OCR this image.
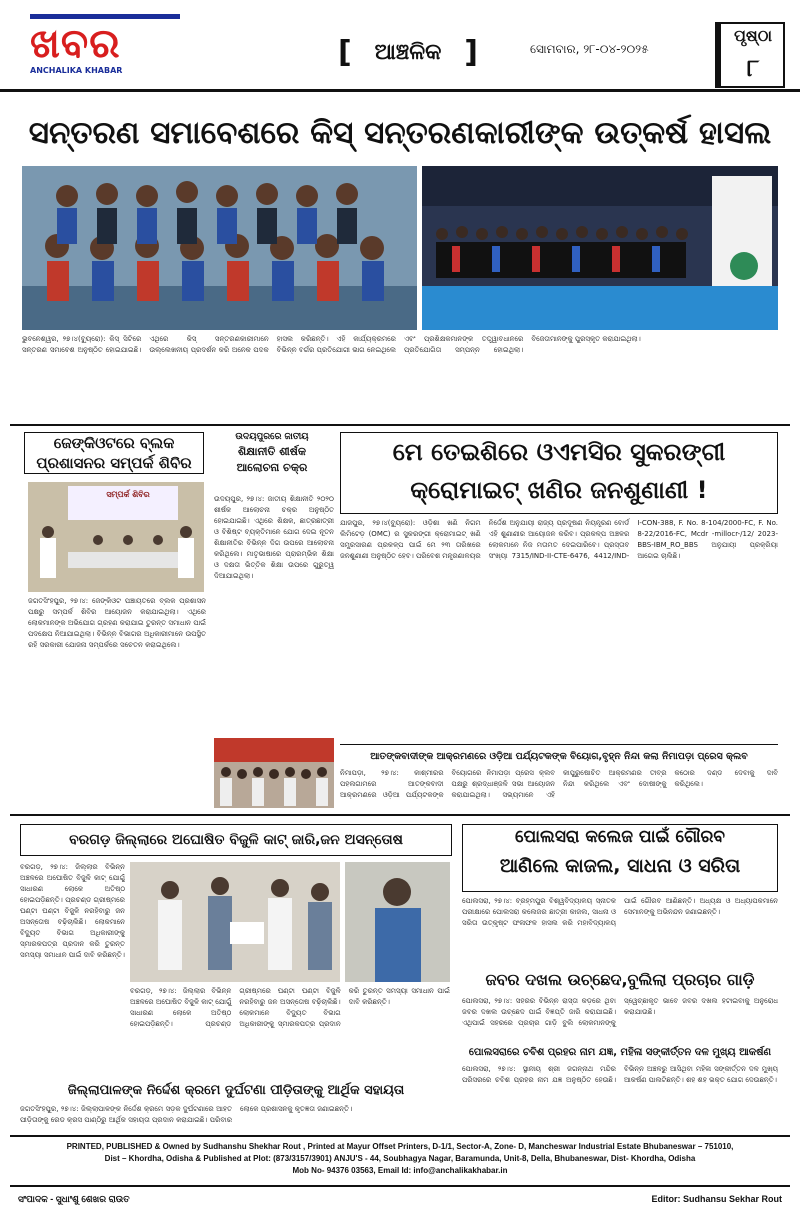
ଖବର
ANCHALIKA KHABAR
[ ଆଞ୍ଚଳିକ ]	ସୋମବାର, ୨୮-୦୪-୨୦୨୫
ପୃଷ୍ଠା
୮
ସନ୍ତରଣ ସମାବେଶରେ କିସ୍ ସନ୍ତରଣକାରୀଙ୍କ ଉତ୍କର୍ଷ ହାସଲ
ଭୁବନେଶ୍ୱର, ୨୭।୪(ବ୍ୟୁରୋ): କିସ୍ ସିଟିରେ ସନ୍ତରଣ ସମାବେଶ ଅନୁଷ୍ଠିତ ହୋଇଯାଇଛି। ଏଥିରେ କିସ୍ ସନ୍ତରଣକାରୀମାନେ ଉଲ୍ଲେଖନୀୟ ପ୍ରଦର୍ଶନ କରି ଅନେକ ପଦକ ହାସଲ କରିଛନ୍ତି। ଏହି କାର୍ଯ୍ୟକ୍ରମରେ ବିଭିନ୍ନ ବର୍ଗର ପ୍ରତିଯୋଗୀ ଭାଗ ନେଇଥିଲେ ଏବଂ ପ୍ରଶିକ୍ଷକମାନଙ୍କ ତତ୍ତ୍ୱାବଧାନରେ ପ୍ରତିଯୋଗିତା ସମ୍ପନ୍ନ ହୋଇଥିଲା। ବିଜେତାମାନଙ୍କୁ ପୁରସ୍କୃତ କରାଯାଇଥିଲା।
ଜେଙ୍କିଓଟରେ ବ୍ଲକ
ପ୍ରଶାସନର ସମ୍ପର୍କ ଶିବିର
ସମ୍ପର୍କ ଶିବିର
ଜଗତସିଂହପୁର, ୨୭।୪: ଜେଙ୍କିଓଟ ପଞ୍ଚାୟତରେ ବ୍ଲକ ପ୍ରଶାସନ ପକ୍ଷରୁ ସମ୍ପର୍କ ଶିବିର ଆୟୋଜନ କରାଯାଇଥିଲା। ଏଥିରେ ଲୋକମାନଙ୍କ ଅଭିଯୋଗ ଗ୍ରହଣ କରାଯାଇ ତୁରନ୍ତ ସମାଧାନ ପାଇଁ ପଦକ୍ଷେପ ନିଆଯାଇଥିଲା। ବିଭିନ୍ନ ବିଭାଗର ଅଧିକାରୀମାନେ ଉପସ୍ଥିତ ରହି ସରକାରୀ ଯୋଜନା ସମ୍ପର୍କରେ ସଚେତନ କରାଇଥିଲେ।
ଉଦୟପୁରରେ ଜାତୀୟ
ଶିକ୍ଷାନୀତି ଶୀର୍ଷକ
ଆଲୋଚନା ଚକ୍ର
ଉଦୟପୁର, ୨୭।୪: ଜାତୀୟ ଶିକ୍ଷାନୀତି ୨୦୨୦ ଶୀର୍ଷକ ଆଲୋଚନା ଚକ୍ର ଅନୁଷ୍ଠିତ ହୋଇଯାଇଛି। ଏଥିରେ ଶିକ୍ଷକ, ଛାତ୍ରଛାତ୍ରୀ ଓ ବିଶିଷ୍ଟ ବ୍ୟକ୍ତିମାନେ ଯୋଗ ଦେଇ ନୂତନ ଶିକ୍ଷାନୀତିର ବିଭିନ୍ନ ଦିଗ ଉପରେ ଆଲୋଚନା କରିଥିଲେ। ମାତୃଭାଷାରେ ପ୍ରାରମ୍ଭିକ ଶିକ୍ଷା ଓ ଦକ୍ଷତା ଭିତ୍ତିକ ଶିକ୍ଷା ଉପରେ ଗୁରୁତ୍ୱ ଦିଆଯାଇଥିଲା।
ମେ ତେଇଶିରେ ଓଏମସିର ସୁକରଙ୍ଗୀ
କ୍ରୋମାଇଟ୍ ଖଣିର ଜନଶୁଣାଣୀ !
ଯାଜପୁର, ୨୭।୪(ବ୍ୟୁରୋ): ଓଡ଼ିଶା ଖଣି ନିଗମ ଲିମିଟେଡ଼ (OMC) ର ସୁକରଙ୍ଗୀ କ୍ରୋମାଇଟ୍ ଖଣି ସମ୍ପ୍ରସାରଣ ପ୍ରକଳ୍ପ ପାଇଁ ମେ ୨୩ ତାରିଖରେ ଜନଶୁଣାଣୀ ଅନୁଷ୍ଠିତ ହେବ। ପରିବେଶ ମନ୍ତ୍ରଣାଳୟର ନିର୍ଦ୍ଦେଶ ଅନୁଯାୟୀ ରାଜ୍ୟ ପ୍ରଦୂଷଣ ନିୟନ୍ତ୍ରଣ ବୋର୍ଡ ଏହି ଶୁଣାଣୀର ଆୟୋଜନ କରିବ। ପ୍ରକଳ୍ପ ଅଞ୍ଚଳର ଲୋକମାନେ ନିଜ ମତାମତ ଦେଇପାରିବେ। ପ୍ରସ୍ତାବ ସଂଖ୍ୟା 7315/IND-II-CTE-6476, 4412/IND-I-CON-388, F. No. 8-104/2000-FC, F. No. 8-22/2016-FC, Mcdr -millocr-/12/ 2023-BBS-IBM_RO_BBS ଅନୁଯାୟୀ ପ୍ରକ୍ରିୟା ଆଗେଇ ଚାଲିଛି।
ଆତଙ୍କବାଦୀଙ୍କ ଆକ୍ରମଣରେ ଓଡ଼ିଆ ପର୍ଯ୍ୟଟକଙ୍କ ବିୟୋଗ,ବୃହ୍ନ ନିନ୍ଦା କଲା ନିମାପଡ଼ା ପ୍ରେସ କ୍ଲବ
ନିମାପଡ଼ା, ୨୭।୪: କାଶ୍ମୀରର ପହଲଗାମରେ ଆତଙ୍କବାଦୀ ଆକ୍ରମଣରେ ଓଡ଼ିଆ ପର୍ଯ୍ୟଟକଙ୍କ ବିୟୋଗରେ ନିମାପଡ଼ା ପ୍ରେସ କ୍ଲବ ପକ୍ଷରୁ ଶ୍ରଦ୍ଧାଞ୍ଜଳି ସଭା ଆୟୋଜନ କରାଯାଇଥିଲା। ସଭ୍ୟମାନେ ଏହି କାପୁରୁଷୋଚିତ ଆକ୍ରମଣର ତୀବ୍ର ନିନ୍ଦା କରିଥିଲେ ଏବଂ ଦୋଷୀଙ୍କୁ କଠୋର ଦଣ୍ଡ ଦେବାକୁ ଦାବି କରିଥିଲେ।
ବରଗଡ଼ ଜିଲ୍ଲାରେ ଅଘୋଷିତ ବିଜୁଳି କାଟ୍ ଜାରି,ଜନ ଅସନ୍ତୋଷ
ବରଗଡ଼, ୨୭।୪: ଜିଲ୍ଲାର ବିଭିନ୍ନ ଅଞ୍ଚଳରେ ଅଘୋଷିତ ବିଜୁଳି କାଟ୍ ଯୋଗୁଁ ସାଧାରଣ ଲୋକେ ଅତିଷ୍ଠ ହୋଇପଡ଼ିଛନ୍ତି। ପ୍ରଚଣ୍ଡ ଗ୍ରୀଷ୍ମରେ ଘଣ୍ଟା ଘଣ୍ଟା ବିଜୁଳି ନରହିବାରୁ ଜନ ଅସନ୍ତୋଷ ବଢ଼ିଚାଲିଛି। ଲୋକମାନେ ବିଦ୍ୟୁତ ବିଭାଗ ଅଧିକାରୀଙ୍କୁ ସ୍ମାରକପତ୍ର ପ୍ରଦାନ କରି ତୁରନ୍ତ ସମସ୍ୟା ସମାଧାନ ପାଇଁ ଦାବି କରିଛନ୍ତି।
ବରଗଡ଼, ୨୭।୪: ଜିଲ୍ଲାର ବିଭିନ୍ନ ଅଞ୍ଚଳରେ ଅଘୋଷିତ ବିଜୁଳି କାଟ୍ ଯୋଗୁଁ ସାଧାରଣ ଲୋକେ ଅତିଷ୍ଠ ହୋଇପଡ଼ିଛନ୍ତି। ପ୍ରଚଣ୍ଡ ଗ୍ରୀଷ୍ମରେ ଘଣ୍ଟା ଘଣ୍ଟା ବିଜୁଳି ନରହିବାରୁ ଜନ ଅସନ୍ତୋଷ ବଢ଼ିଚାଲିଛି। ଲୋକମାନେ ବିଦ୍ୟୁତ ବିଭାଗ ଅଧିକାରୀଙ୍କୁ ସ୍ମାରକପତ୍ର ପ୍ରଦାନ କରି ତୁରନ୍ତ ସମସ୍ୟା ସମାଧାନ ପାଇଁ ଦାବି କରିଛନ୍ତି।
ପୋଲସରା କଲେଜ ପାଇଁ ଗୌରବ
ଆଣିଲେ କାଜଲ, ସାଧନା ଓ ସରିତା
ପୋଲସରା, ୨୭।୪: ବ୍ରହ୍ମପୁର ବିଶ୍ୱବିଦ୍ୟାଳୟ ସ୍ନାତକ ପରୀକ୍ଷାରେ ପୋଲସରା କଲେଜର ଛାତ୍ରୀ କାଜଲ, ସାଧନା ଓ ସରିତା ଉତ୍କୃଷ୍ଟ ଫଳାଫଳ ହାସଲ କରି ମହାବିଦ୍ୟାଳୟ ପାଇଁ ଗୌରବ ଆଣିଛନ୍ତି। ଅଧ୍ୟକ୍ଷ ଓ ଅଧ୍ୟାପକମାନେ ସେମାନଙ୍କୁ ଅଭିନନ୍ଦନ ଜଣାଇଛନ୍ତି।
ଜବର ଦଖଲ ଉଚ୍ଛେଦ,ବୁଲିଲା ପ୍ରଚାର ଗାଡ଼ି
ପୋଲସରା, ୨୭।୪: ସହରର ବିଭିନ୍ନ ରାସ୍ତା କଡ଼ରେ ଥିବା ଜବର ଦଖଲ ଉଚ୍ଛେଦ ପାଇଁ ବିଜ୍ଞପ୍ତି ଜାରି କରାଯାଇଛି। ଏଥିପାଇଁ ସହରରେ ପ୍ରଚାର ଗାଡ଼ି ବୁଲି ଲୋକମାନଙ୍କୁ ସ୍ୱେଚ୍ଛାକୃତ ଭାବେ ଜବର ଦଖଲ ହଟାଇବାକୁ ଅନୁରୋଧ କରାଯାଉଛି।
ପୋଲସରାରେ ଚବିଶ ପ୍ରହର ନାମ ଯଜ୍ଞ, ମହିଳା ସଙ୍କୀର୍ତ୍ତନ ଦଳ ମୁଖ୍ୟ ଆକର୍ଷଣ
ପୋଲସରା, ୨୭।୪: ସ୍ଥାନୀୟ ଶ୍ରୀ ଜଗନ୍ନାଥ ମନ୍ଦିର ପରିସରରେ ଚବିଶ ପ୍ରହର ନାମ ଯଜ୍ଞ ଅନୁଷ୍ଠିତ ହେଉଛି। ବିଭିନ୍ନ ଅଞ୍ଚଳରୁ ଆସିଥିବା ମହିଳା ସଙ୍କୀର୍ତ୍ତନ ଦଳ ମୁଖ୍ୟ ଆକର୍ଷଣ ପାଲଟିଛନ୍ତି। ଶହ ଶହ ଭକ୍ତ ଯୋଗ ଦେଉଛନ୍ତି।
ଜିଲ୍ଲାପାଳଙ୍କ ନିର୍ଦ୍ଦେଶ କ୍ରମେ ଦୁର୍ଘଟଣା ପୀଡ଼ିତାଙ୍କୁ ଆର୍ଥିକ ସହାୟତା
ଜଗତସିଂହପୁର, ୨୭।୪: ଜିଲ୍ଲାପାଳଙ୍କ ନିର୍ଦ୍ଦେଶ କ୍ରମେ ସଡ଼କ ଦୁର୍ଘଟଣାରେ ଆହତ ପୀଡ଼ିତାଙ୍କୁ ରେଡ କ୍ରସ ପାଣ୍ଠିରୁ ଆର୍ଥିକ ସହାୟତା ପ୍ରଦାନ କରାଯାଇଛି। ପରିବାର ଲୋକେ ପ୍ରଶାସନକୁ କୃତଜ୍ଞତା ଜଣାଇଛନ୍ତି।
PRINTED, PUBLISHED & Owned by Sudhanshu Shekhar Rout , Printed at Mayur Offset Printers, D-1/1, Sector-A, Zone- D, Mancheswar Industrial Estate Bhubaneswar – 751010,
Dist – Khordha, Odisha & Published at Plot: (873/3157/3901) ANJU'S - 44, Soubhagya Nagar, Baramunda, Unit-8, Della, Bhubaneswar, Dist- Khordha, Odisha
Mob No- 94376 03563, Email Id: info@anchalikakhabar.in
ସଂପାଦକ - ସୁଧାଂଶୁ ଶେଖର ରାଉତ	Editor: Sudhansu Sekhar Rout
